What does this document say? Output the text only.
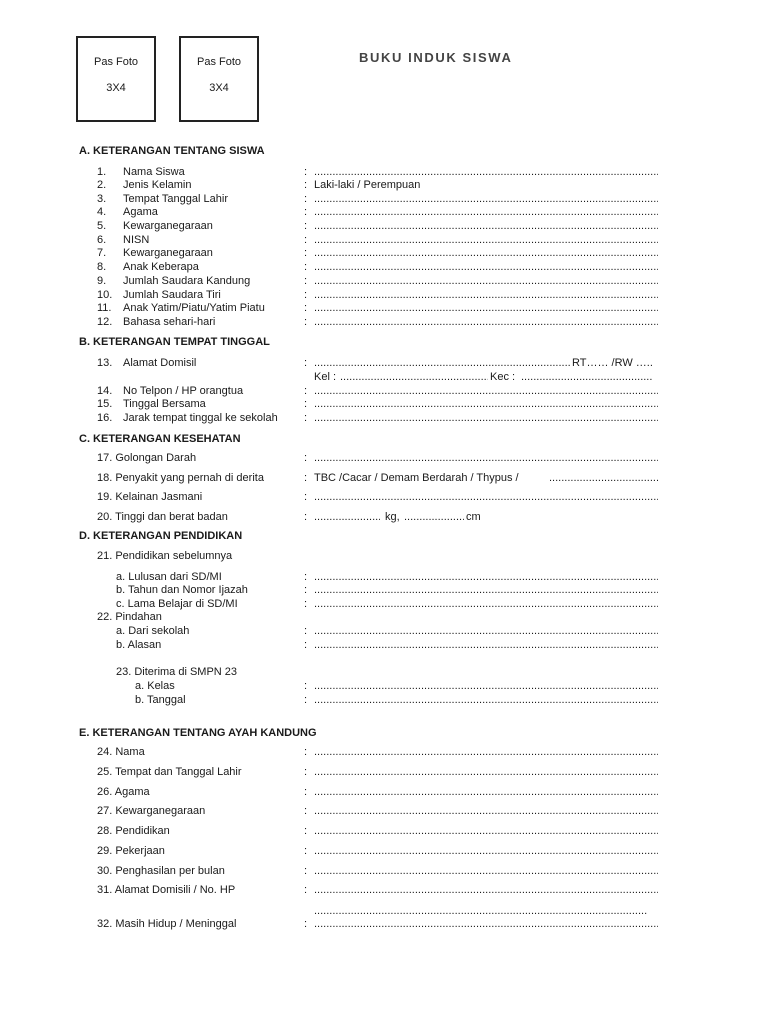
Pas Foto
3X4
Pas Foto
3X4
BUKU INDUK SISWA
A. KETERANGAN TENTANG SISWA
1. Nama Siswa	:
.....
2. Jenis Kelamin	: Laki-laki / Perempuan
3. Tempat Tanggal Lahir	:
.....
4. Agama	:
.....
5. Kewarganegaraan	:
.....
6. NISN	:
.....
7. Kewarganegaraan	:
.....
8. Anak Keberapa	:
.....
9. Jumlah Saudara Kandung	:
.....
10. Jumlah Saudara Tiri	:
.....
11. Anak Yatim/Piatu/Yatim Piatu	:
.....
12. Bahasa sehari-hari	:
.....
B. KETERANGAN TEMPAT TINGGAL
13. Alamat Domisil	: .....	RT…… /RW …..
Kel : .....	Kec :
.....
14. No Telpon / HP orangtua	:
.....
15. Tinggal Bersama	:
.....
16. Jarak tempat tinggal ke sekolah :
.....
C. KETERANGAN KESEHATAN
17. Golongan Darah	:
.....
18. Penyakit yang pernah di derita	: TBC /Cacar / Demam Berdarah / Thypus /
.....
19. Kelainan Jasmani	:
.....
20. Tinggi dan berat badan	: .....	kg, .....	cm
D. KETERANGAN PENDIDIKAN
21. Pendidikan sebelumnya
a. Lulusan dari SD/MI	:
.....
b. Tahun dan Nomor Ijazah	:
.....
c. Lama Belajar di SD/MI	:
.....
22. Pindahan
a. Dari sekolah	:
.....
b. Alasan	:
.....
23. Diterima di SMPN 23
a. Kelas	:
.....
b. Tanggal	:
.....
E. KETERANGAN TENTANG AYAH KANDUNG
24. Nama	:
.....
25. Tempat dan Tanggal Lahir	:
.....
26. Agama	:
.....
27. Kewarganegaraan	:
.....
28. Pendidikan	:
.....
29. Pekerjaan	:
.....
30. Penghasilan per bulan	:
.....
31. Alamat Domisili / No. HP	:
.....
.....
32. Masih Hidup / Meninggal	:
.....
